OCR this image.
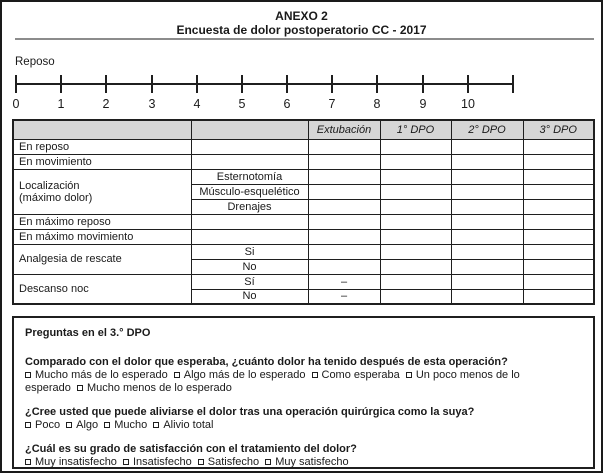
ANEXO 2
Encuesta de dolor postoperatorio CC - 2017
Reposo
0	1	2	3	4	5	6	7	8	9	10
		Extubación	1° DPO	2° DPO	3° DPO
En reposo					
En movimiento					

Localización
(máximo dolor)	Esternotomía				
	Músculo-esquelético				
	Drenajes				
En máximo reposo					
En máximo movimiento					
Analgesia de rescate	Si				
	No				
Descanso noc	Sí	–			
	No	–			
Preguntas en el 3.° DPO
Comparado con el dolor que esperaba, ¿cuánto dolor ha tenido después de esta operación?
Mucho más de lo esperado Algo más de lo esperado Como esperaba Un poco menos de lo esperado Mucho menos de lo esperado
¿Cree usted que puede aliviarse el dolor tras una operación quirúrgica como la suya?
Poco Algo Mucho Alivio total
¿Cuál es su grado de satisfacción con el tratamiento del dolor?
Muy insatisfecho Insatisfecho Satisfecho Muy satisfecho
